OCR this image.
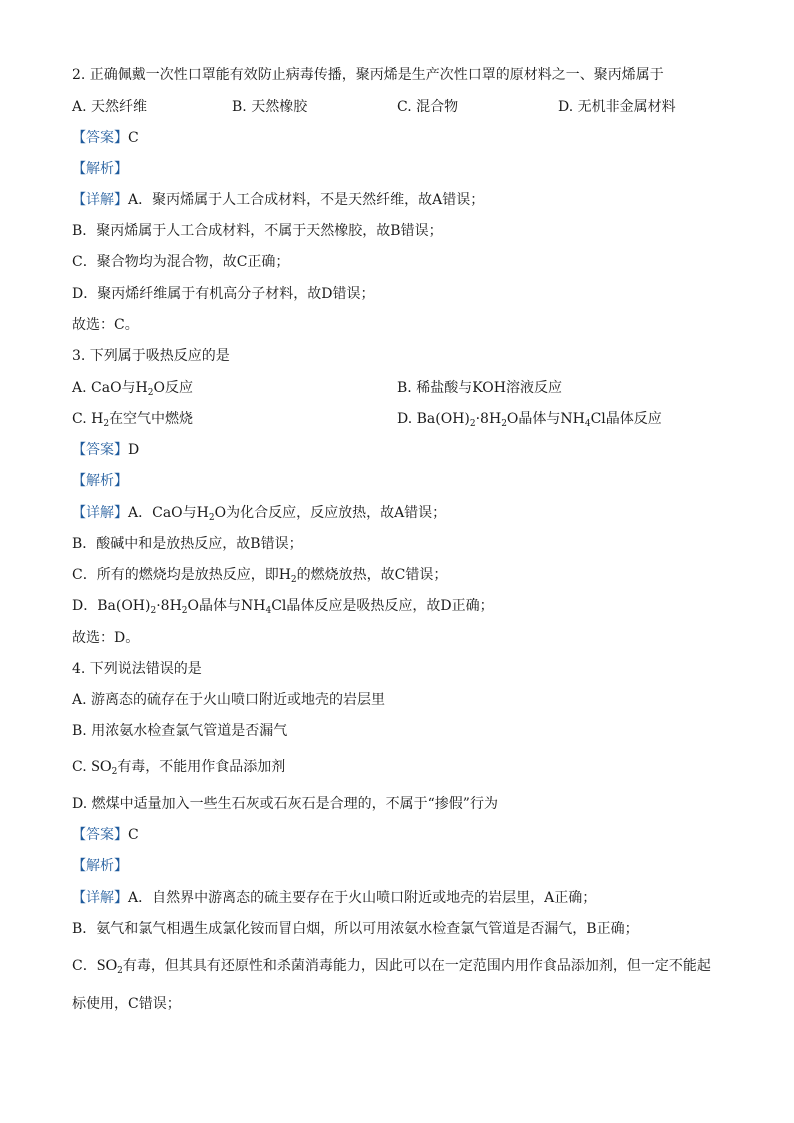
2. 正确佩戴一次性口罩能有效防止病毒传播，聚丙烯是生产次性口罩的原材料之一、聚丙烯属于
A. 天然纤维	B. 天然橡胶	C. 混合物	D. 无机非金属材料
【答案】C
【解析】
【详解】A．聚丙烯属于人工合成材料，不是天然纤维，故A错误；
B．聚丙烯属于人工合成材料，不属于天然橡胶，故B错误；
C．聚合物均为混合物，故C正确；
D．聚丙烯纤维属于有机高分子材料，故D错误；
故选：C。
3. 下列属于吸热反应的是
A. CaO与$H_2O$反应	B. 稀盐酸与KOH溶液反应
C. $H_2$在空气中燃烧	D. $Ba(OH)_2\cdot 8H_2O$晶体与$NH_4Cl$晶体反应
【答案】D
【解析】
【详解】A．CaO与$H_2O$为化合反应，反应放热，故A错误；
B．酸碱中和是放热反应，故B错误；
C．所有的燃烧均是放热反应，即$H_2$的燃烧放热，故C错误；
D．$Ba(OH)_2\cdot 8H_2O$晶体与$NH_4Cl$晶体反应是吸热反应，故D正确；
故选：D。
4. 下列说法错误的是
A. 游离态的硫存在于火山喷口附近或地壳的岩层里
B. 用浓氨水检查氯气管道是否漏气
C. $SO_2$有毒，不能用作食品添加剂
D. 燃煤中适量加入一些生石灰或石灰石是合理的，不属于“掺假”行为
【答案】C
【解析】
【详解】A．自然界中游离态的硫主要存在于火山喷口附近或地壳的岩层里，A正确；
B．氨气和氯气相遇生成氯化铵而冒白烟，所以可用浓氨水检查氯气管道是否漏气，B正确；
C．$SO_2$有毒，但其具有还原性和杀菌消毒能力，因此可以在一定范围内用作食品添加剂，但一定不能起
标使用，C错误；
